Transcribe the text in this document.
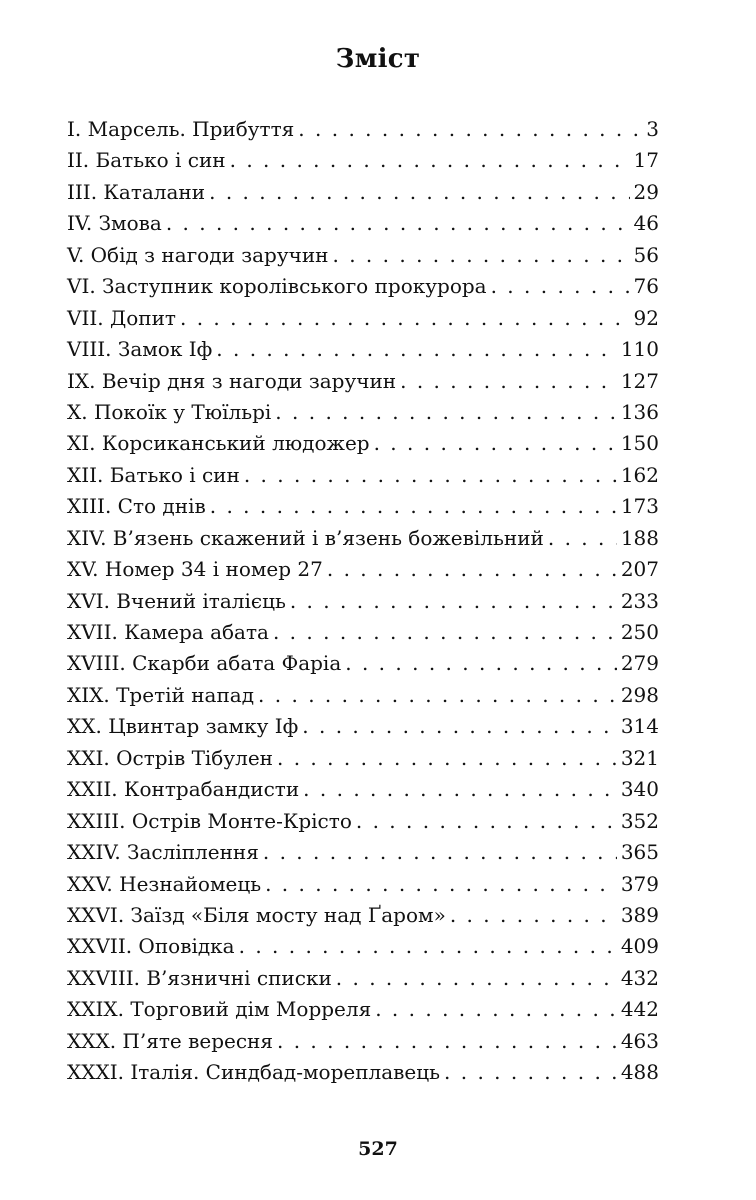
Зміст
I. Марсель. Прибуття . . .	3
II. Батько і син . . .	17
III. Каталани . . .	29
IV. Змова . . .	46
V. Обід з нагоди заручин . . .	56
VI. Заступник королівського прокурора . . .	76
VII. Допит . . .	92
VIII. Замок Іф . . .	110
IX. Вечір дня з нагоди заручин . . .	127
X. Покоїк у Тюїльрі . . .	136
XI. Корсиканський людожер . . .	150
XII. Батько і син . . .	162
XIII. Сто днів . . .	173
XIV. В’язень скажений і в’язень божевільний . . .	188
XV. Номер 34 і номер 27 . . .	207
XVI. Вчений італієць . . .	233
XVII. Камера абата . . .	250
XVIII. Скарби абата Фаріа . . .	279
XIX. Третій напад . . .	298
XX. Цвинтар замку Іф . . .	314
XXI. Острів Тібулен . . .	321
XXII. Контрабандисти . . .	340
XXIII. Острів Монте-Крісто . . .	352
XXIV. Засліплення . . .	365
XXV. Незнайомець . . .	379
XXVI. Заїзд «Біля мосту над Ґаром» . . .	389
XXVII. Оповідка . . .	409
XXVIII. В’язничні списки . . .	432
XXIX. Торговий дім Морреля . . .	442
XXX. П’яте вересня . . .	463
XXXI. Італія. Синдбад-мореплавець . . .	488
527
